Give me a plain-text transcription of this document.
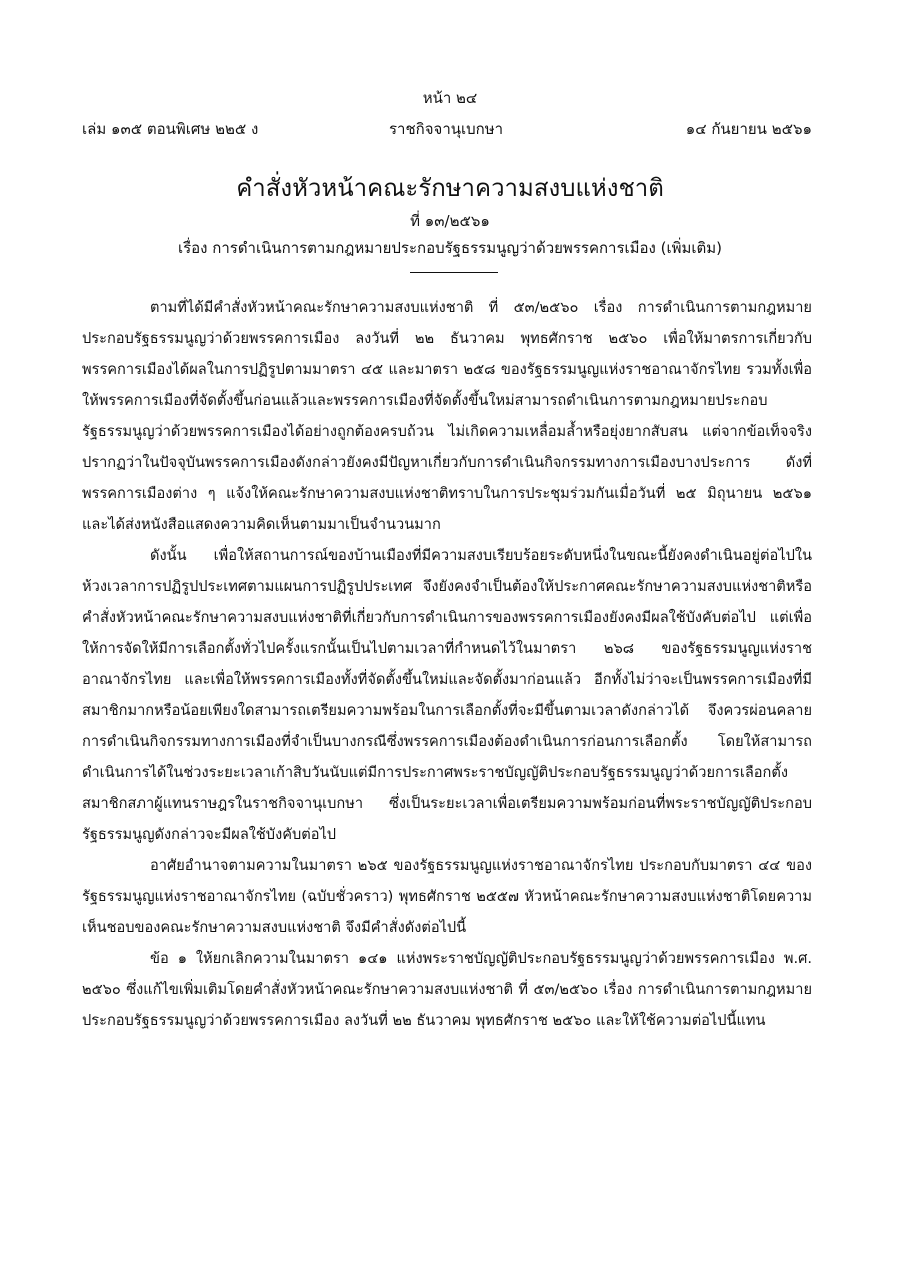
หน้า ๒๔
เล่ม ๑๓๕ ตอนพิเศษ ๒๒๕ ง	ราชกิจจานุเบกษา	๑๔ กันยายน ๒๕๖๑
คำสั่งหัวหน้าคณะรักษาความสงบแห่งชาติ
ที่ ๑๓/๒๕๖๑
เรื่อง การดำเนินการตามกฎหมายประกอบรัฐธรรมนูญว่าด้วยพรรคการเมือง (เพิ่มเติม)

ตามที่ได้มีคำสั่งหัวหน้าคณะรักษาความสงบแห่งชาติ ที่ ๕๓/๒๕๖๐ เรื่อง การดำเนินการตามกฎหมายประกอบรัฐธรรมนูญว่าด้วยพรรคการเมือง ลงวันที่ ๒๒ ธันวาคม พุทธศักราช ๒๕๖๐ เพื่อให้มาตรการเกี่ยวกับพรรคการเมืองได้ผลในการปฏิรูปตามมาตรา ๔๕ และมาตรา ๒๕๘ ของรัฐธรรมนูญแห่งราชอาณาจักรไทย รวมทั้งเพื่อให้พรรคการเมืองที่จัดตั้งขึ้นก่อนแล้วและพรรคการเมืองที่จัดตั้งขึ้นใหม่สามารถดำเนินการตามกฎหมายประกอบรัฐธรรมนูญว่าด้วยพรรคการเมืองได้อย่างถูกต้องครบถ้วน ไม่เกิดความเหลื่อมล้ำหรือยุ่งยากสับสน แต่จากข้อเท็จจริงปรากฏว่าในปัจจุบันพรรคการเมืองดังกล่าวยังคงมีปัญหาเกี่ยวกับการดำเนินกิจกรรมทางการเมืองบางประการ ดังที่พรรคการเมืองต่าง ๆ แจ้งให้คณะรักษาความสงบแห่งชาติทราบในการประชุมร่วมกันเมื่อวันที่ ๒๕ มิถุนายน ๒๕๖๑ และได้ส่งหนังสือแสดงความคิดเห็นตามมาเป็นจำนวนมาก

ดังนั้น เพื่อให้สถานการณ์ของบ้านเมืองที่มีความสงบเรียบร้อยระดับหนึ่งในขณะนี้ยังคงดำเนินอยู่ต่อไปในห้วงเวลาการปฏิรูปประเทศตามแผนการปฏิรูปประเทศ จึงยังคงจำเป็นต้องให้ประกาศคณะรักษาความสงบแห่งชาติหรือคำสั่งหัวหน้าคณะรักษาความสงบแห่งชาติที่เกี่ยวกับการดำเนินการของพรรคการเมืองยังคงมีผลใช้บังคับต่อไป แต่เพื่อให้การจัดให้มีการเลือกตั้งทั่วไปครั้งแรกนั้นเป็นไปตามเวลาที่กำหนดไว้ในมาตรา ๒๖๘ ของรัฐธรรมนูญแห่งราชอาณาจักรไทย และเพื่อให้พรรคการเมืองทั้งที่จัดตั้งขึ้นใหม่และจัดตั้งมาก่อนแล้ว อีกทั้งไม่ว่าจะเป็นพรรคการเมืองที่มีสมาชิกมากหรือน้อยเพียงใดสามารถเตรียมความพร้อมในการเลือกตั้งที่จะมีขึ้นตามเวลาดังกล่าวได้ จึงควรผ่อนคลายการดำเนินกิจกรรมทางการเมืองที่จำเป็นบางกรณีซึ่งพรรคการเมืองต้องดำเนินการก่อนการเลือกตั้ง โดยให้สามารถดำเนินการได้ในช่วงระยะเวลาเก้าสิบวันนับแต่มีการประกาศพระราชบัญญัติประกอบรัฐธรรมนูญว่าด้วยการเลือกตั้งสมาชิกสภาผู้แทนราษฎรในราชกิจจานุเบกษา ซึ่งเป็นระยะเวลาเพื่อเตรียมความพร้อมก่อนที่พระราชบัญญัติประกอบรัฐธรรมนูญดังกล่าวจะมีผลใช้บังคับต่อไป

อาศัยอำนาจตามความในมาตรา ๒๖๕ ของรัฐธรรมนูญแห่งราชอาณาจักรไทย ประกอบกับมาตรา ๔๔ ของรัฐธรรมนูญแห่งราชอาณาจักรไทย (ฉบับชั่วคราว) พุทธศักราช ๒๕๕๗ หัวหน้าคณะรักษาความสงบแห่งชาติโดยความเห็นชอบของคณะรักษาความสงบแห่งชาติ จึงมีคำสั่งดังต่อไปนี้

ข้อ ๑ ให้ยกเลิกความในมาตรา ๑๔๑ แห่งพระราชบัญญัติประกอบรัฐธรรมนูญว่าด้วยพรรคการเมือง พ.ศ. ๒๕๖๐ ซึ่งแก้ไขเพิ่มเติมโดยคำสั่งหัวหน้าคณะรักษาความสงบแห่งชาติ ที่ ๕๓/๒๕๖๐ เรื่อง การดำเนินการตามกฎหมายประกอบรัฐธรรมนูญว่าด้วยพรรคการเมือง ลงวันที่ ๒๒ ธันวาคม พุทธศักราช ๒๕๖๐ และให้ใช้ความต่อไปนี้แทน
